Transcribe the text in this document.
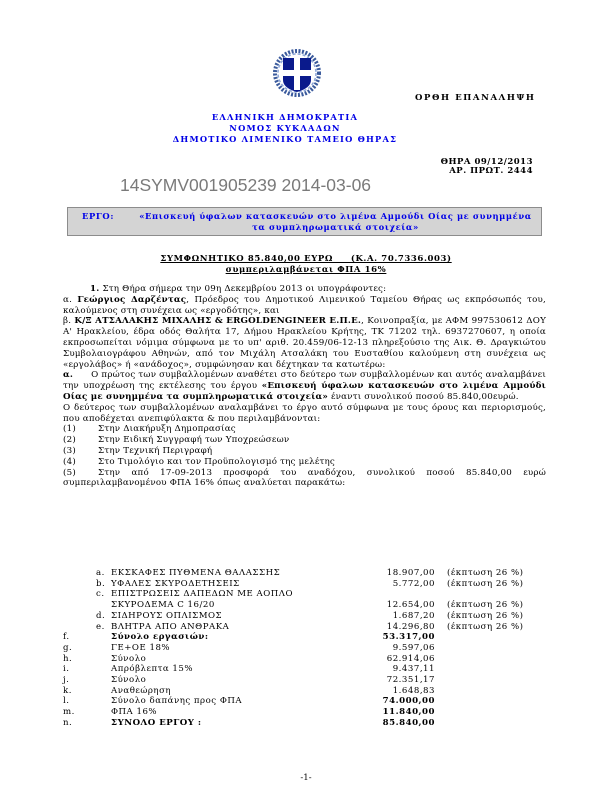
ΟΡΘΗ ΕΠΑΝΑΛΗΨΗ
ΕΛΛΗΝΙΚΗ ΔΗΜΟΚΡΑΤΙΑ
ΝΟΜΟΣ ΚΥΚΛΑΔΩΝ
ΔΗΜΟΤΙΚΟ ΛΙΜΕΝΙΚΟ ΤΑΜΕΙΟ ΘΗΡΑΣ
14SYMV001905239 2014-03-06
ΘΗΡΑ 09/12/2013
ΑΡ. ΠΡΩΤ. 2444
ΕΡΓΟ:	«Επισκευή ύφαλων κατασκευών στο λιμένα Αμμούδι Οίας με συνημμένα τα συμπληρωματικά στοιχεία»
ΣΥΜΦΩΝΗΤΙΚΟ 85.840,00 ΕΥΡΩ     (Κ.Α. 70.7336.003)
συμπεριλαμβάνεται ΦΠΑ 16%
1. Στη Θήρα σήμερα την 09η Δεκεμβρίου 2013 οι υπογράφοντες:
α. Γεώργιος Δαρζέντας, Πρόεδρος του Δημοτικού Λιμενικού Ταμείου Θήρας ως εκπρόσωπός του, καλούμενος στη συνέχεια ως «εργοδότης», και
β. Κ/Ξ ΑΤΣΑΛΑΚΗΣ ΜΙΧΑΛΗΣ & ERGOLDENGINEER Ε.Π.Ε., Κοινοπραξία, με ΑΦΜ 997530612 ΔΟΥ Α' Ηρακλείου, έδρα οδός Θαλήτα 17, Δήμου Ηρακλείου Κρήτης, ΤΚ 71202 τηλ. 6937270607, η οποία εκπροσωπείται νόμιμα σύμφωνα με το υπ' αριθ. 20.459/06-12-13 πληρεξούσιο της Αικ. Θ. Δραγκιώτου Συμβολαιογράφου Αθηνών, από τον Μιχάλη Ατσαλάκη του Ευσταθίου καλούμενη στη συνέχεια ως «εργολάβος» ή «ανάδοχος», συμφώνησαν και δέχτηκαν τα κατωτέρω:
α. Ο πρώτος των συμβαλλομένων αναθέτει στο δεύτερο των συμβαλλομένων και αυτός αναλαμβάνει την υποχρέωση της εκτέλεσης του έργου «Επισκευή ύφαλων κατασκευών στο λιμένα Αμμούδι Οίας με συνημμένα τα συμπληρωματικά στοιχεία» έναντι συνολικού ποσού 85.840,00ευρώ.
Ο δεύτερος των συμβαλλομένων αναλαμβάνει το έργο αυτό σύμφωνα με τους όρους και περιορισμούς, που αποδέχεται ανεπιφύλακτα & που περιλαμβάνονται:
(1)	Στην Διακήρυξη Δημοπρασίας
(2)	Στην Ειδική Συγγραφή των Υποχρεώσεων
(3)	Στην Τεχνική Περιγραφή
(4)	Στο Τιμολόγιο και τον Προϋπολογισμό της μελέτης
(5)	Στην από 17-09-2013 προσφορά του αναδόχου, συνολικού ποσού 85.840,00 ευρώ συμπεριλαμβανομένου ΦΠΑ 16% όπως αναλύεται παρακάτω:
	a.	ΕΚΣΚΑΦΕΣ ΠΥΘΜΕΝΑ ΘΑΛΑΣΣΗΣ	18.907,00	(έκπτωση 26 %)
	b.	ΥΦΑΛΕΣ ΣΚΥΡΟΔΕΤΗΣΕΙΣ	5.772,00	(έκπτωση 26 %)
	c.	ΕΠΙΣΤΡΩΣΕΙΣ ΔΑΠΕΔΩΝ ΜΕ ΑΟΠΛΟ		
		ΣΚΥΡΟΔΕΜΑ C 16/20	12.654,00	(έκπτωση 26 %)
	d.	ΣΙΔΗΡΟΥΣ ΟΠΛΙΣΜΟΣ	1.687,20	(έκπτωση 26 %)
	e.	ΒΛΗΤΡΑ ΑΠΟ ΑΝΘΡΑΚΑ	14.296,80	(έκπτωση 26 %)
f.		Σύνολο εργασιών:	53.317,00	
g.		ΓΕ+ΟΕ 18%	9.597,06	
h.		Σύνολο	62.914,06	
i.		Απρόβλεπτα 15%	9.437,11	
j.		Σύνολο	72.351,17	
k.		Αναθεώρηση	1.648,83	
l.		Σύνολο δαπάνης προς ΦΠΑ	74.000,00	
m.		ΦΠΑ 16%	11.840,00	
n.		ΣΥΝΟΛΟ ΕΡΓΟΥ :	85.840,00	
-1-
